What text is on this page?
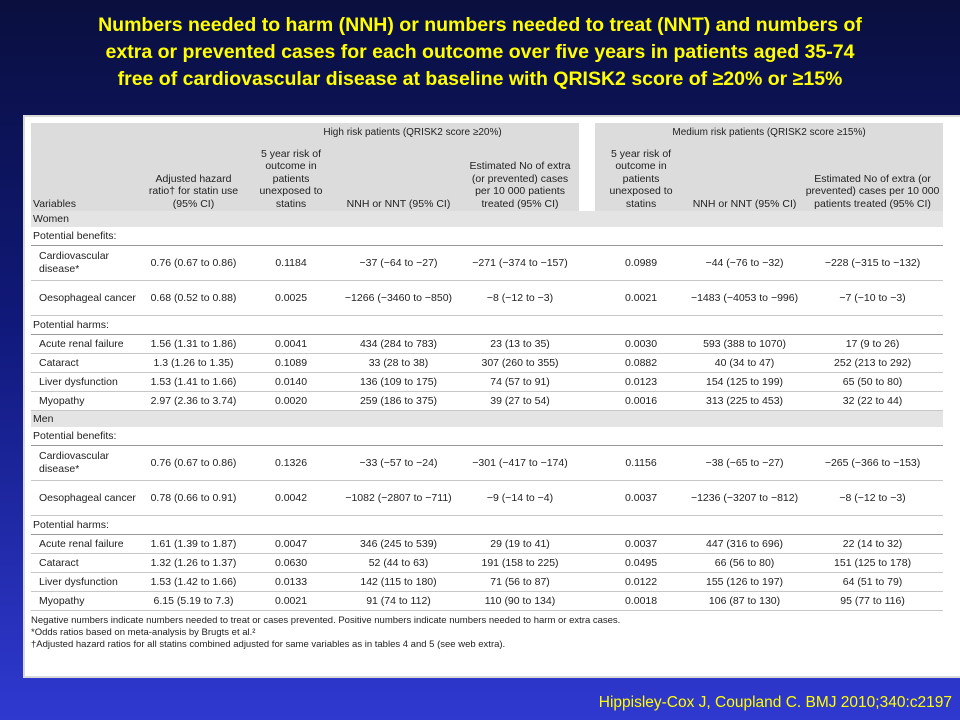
Numbers needed to harm (NNH) or numbers needed to treat (NNT) and numbers of
extra or prevented cases for each outcome over five years in patients aged 35-74
free of cardiovascular disease at baseline with QRISK2 score of ≥20% or ≥15%
		High risk patients (QRISK2 score ≥20%)				Medium risk patients (QRISK2 score ≥15%)		
Variables	Adjusted hazard ratio† for statin use (95% CI)	5 year risk of outcome in patients unexposed to statins	NNH or NNT (95% CI)	Estimated No of extra (or prevented) cases per 10 000 patients treated (95% CI)		5 year risk of outcome in patients unexposed to statins	NNH or NNT (95% CI)	Estimated No of extra (or prevented) cases per 10 000 patients treated (95% CI)
Women								
Potential benefits:								
Cardiovascular disease*	0.76 (0.67 to 0.86)	0.1184	−37 (−64 to −27)	−271 (−374 to −157)		0.0989	−44 (−76 to −32)	−228 (−315 to −132)
Oesophageal cancer	0.68 (0.52 to 0.88)	0.0025	−1266 (−3460 to −850)	−8 (−12 to −3)		0.0021	−1483 (−4053 to −996)	−7 (−10 to −3)
Potential harms:								
Acute renal failure	1.56 (1.31 to 1.86)	0.0041	434 (284 to 783)	23 (13 to 35)		0.0030	593 (388 to 1070)	17 (9 to 26)
Cataract	1.3 (1.26 to 1.35)	0.1089	33 (28 to 38)	307 (260 to 355)		0.0882	40 (34 to 47)	252 (213 to 292)
Liver dysfunction	1.53 (1.41 to 1.66)	0.0140	136 (109 to 175)	74 (57 to 91)		0.0123	154 (125 to 199)	65 (50 to 80)
Myopathy	2.97 (2.36 to 3.74)	0.0020	259 (186 to 375)	39 (27 to 54)		0.0016	313 (225 to 453)	32 (22 to 44)
Men								
Potential benefits:								
Cardiovascular disease*	0.76 (0.67 to 0.86)	0.1326	−33 (−57 to −24)	−301 (−417 to −174)		0.1156	−38 (−65 to −27)	−265 (−366 to −153)
Oesophageal cancer	0.78 (0.66 to 0.91)	0.0042	−1082 (−2807 to −711)	−9 (−14 to −4)		0.0037	−1236 (−3207 to −812)	−8 (−12 to −3)
Potential harms:								
Acute renal failure	1.61 (1.39 to 1.87)	0.0047	346 (245 to 539)	29 (19 to 41)		0.0037	447 (316 to 696)	22 (14 to 32)
Cataract	1.32 (1.26 to 1.37)	0.0630	52 (44 to 63)	191 (158 to 225)		0.0495	66 (56 to 80)	151 (125 to 178)
Liver dysfunction	1.53 (1.42 to 1.66)	0.0133	142 (115 to 180)	71 (56 to 87)		0.0122	155 (126 to 197)	64 (51 to 79)
Myopathy	6.15 (5.19 to 7.3)	0.0021	91 (74 to 112)	110 (90 to 134)		0.0018	106 (87 to 130)	95 (77 to 116)
Negative numbers indicate numbers needed to treat or cases prevented. Positive numbers indicate numbers needed to harm or extra cases.
*Odds ratios based on meta-analysis by Brugts et al.²
†Adjusted hazard ratios for all statins combined adjusted for same variables as in tables 4 and 5 (see web extra).
Hippisley-Cox J, Coupland C. BMJ 2010;340:c2197
